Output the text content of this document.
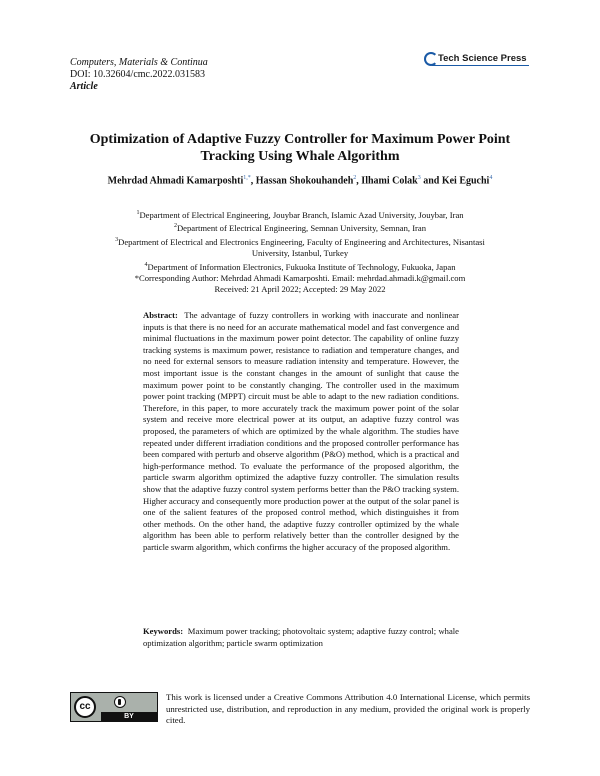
Computers, Materials & Continua
DOI: 10.32604/cmc.2022.031583
Article
Tech Science Press
Optimization of Adaptive Fuzzy Controller for Maximum Power Point Tracking Using Whale Algorithm
Mehrdad Ahmadi Kamarposhti$^{1,*}$, Hassan Shokouhandeh$^2$, Ilhami Colak$^3$ and Kei Eguchi$^4$
$^1$Department of Electrical Engineering, Jouybar Branch, Islamic Azad University, Jouybar, Iran
$^2$Department of Electrical Engineering, Semnan University, Semnan, Iran
$^3$Department of Electrical and Electronics Engineering, Faculty of Engineering and Architectures, Nisantasi University, Istanbul, Turkey
$^4$Department of Information Electronics, Fukuoka Institute of Technology, Fukuoka, Japan
*Corresponding Author: Mehrdad Ahmadi Kamarposhti. Email: mehrdad.ahmadi.k@gmail.com
Received: 21 April 2022; Accepted: 29 May 2022
Abstract: The advantage of fuzzy controllers in working with inaccurate and nonlinear inputs is that there is no need for an accurate mathematical model and fast convergence and minimal fluctuations in the maximum power point detector. The capability of online fuzzy tracking systems is maximum power, resistance to radiation and temperature changes, and no need for external sensors to measure radiation intensity and temperature. However, the most important issue is the constant changes in the amount of sunlight that cause the maximum power point to be constantly changing. The controller used in the maximum power point tracking (MPPT) circuit must be able to adapt to the new radiation conditions. Therefore, in this paper, to more accurately track the maximum power point of the solar system and receive more electrical power at its output, an adaptive fuzzy control was proposed, the parameters of which are optimized by the whale algorithm. The studies have repeated under different irradiation conditions and the proposed controller performance has been compared with perturb and observe algorithm (P&O) method, which is a practical and high-performance method. To evaluate the performance of the proposed algorithm, the particle swarm algorithm optimized the adaptive fuzzy controller. The simulation results show that the adaptive fuzzy control system performs better than the P&O tracking system. Higher accuracy and consequently more production power at the output of the solar panel is one of the salient features of the proposed control method, which distinguishes it from other methods. On the other hand, the adaptive fuzzy controller optimized by the whale algorithm has been able to perform relatively better than the controller designed by the particle swarm algorithm, which confirms the higher accuracy of the proposed algorithm.
Keywords: Maximum power tracking; photovoltaic system; adaptive fuzzy control; whale optimization algorithm; particle swarm optimization
cc
BY
This work is licensed under a Creative Commons Attribution 4.0 International License, which permits unrestricted use, distribution, and reproduction in any medium, provided the original work is properly cited.
